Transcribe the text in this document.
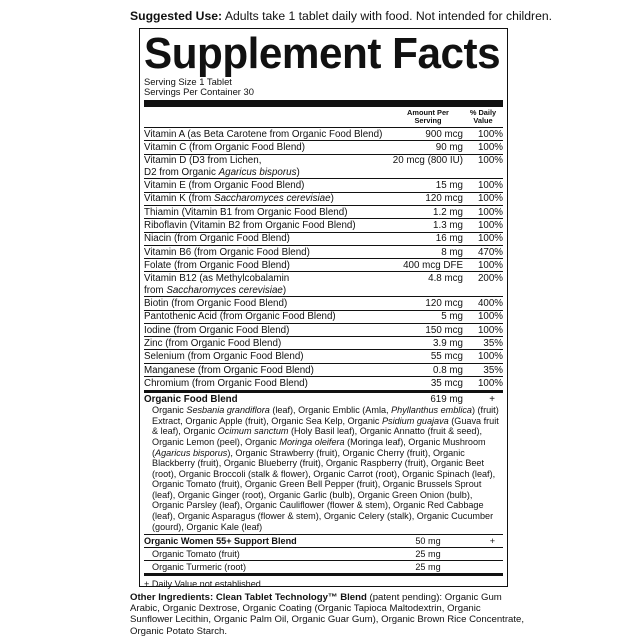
Suggested Use: Adults take 1 tablet daily with food. Not intended for children.
Supplement Facts
Serving Size 1 Tablet
Servings Per Container 30
Amount Per Serving
% Daily Value
Vitamin A (as Beta Carotene from Organic Food Blend)	900 mcg	100%
Vitamin C (from Organic Food Blend)	90 mg	100%
Vitamin D (D3 from Lichen,
D2 from Organic Agaricus bisporus)
20 mcg (800 IU)	100%
Vitamin E (from Organic Food Blend)	15 mg	100%
Vitamin K (from Saccharomyces cerevisiae)	120 mcg	100%
Thiamin (Vitamin B1 from Organic Food Blend)	1.2 mg	100%
Riboflavin (Vitamin B2 from Organic Food Blend)	1.3 mg	100%
Niacin (from Organic Food Blend)	16 mg	100%
Vitamin B6 (from Organic Food Blend)	8 mg	470%
Folate (from Organic Food Blend)	400 mcg DFE	100%
Vitamin B12 (as Methylcobalamin
from Saccharomyces cerevisiae)
4.8 mcg	200%
Biotin (from Organic Food Blend)	120 mcg	400%
Pantothenic Acid (from Organic Food Blend)	5 mg	100%
Iodine (from Organic Food Blend)	150 mcg	100%
Zinc (from Organic Food Blend)	3.9 mg	35%
Selenium (from Organic Food Blend)	55 mcg	100%
Manganese (from Organic Food Blend)	0.8 mg	35%
Chromium (from Organic Food Blend)	35 mcg	100%
Organic Food Blend	619 mg	+
Organic Sesbania grandiflora (leaf), Organic Emblic (Amla, Phyllanthus emblica) (fruit) Extract, Organic Apple (fruit), Organic Sea Kelp, Organic Psidium guajava (Guava fruit & leaf), Organic Ocimum sanctum (Holy Basil leaf), Organic Annatto (fruit & seed), Organic Lemon (peel), Organic Moringa oleifera (Moringa leaf), Organic Mushroom (Agaricus bisporus), Organic Strawberry (fruit), Organic Cherry (fruit), Organic Blackberry (fruit), Organic Blueberry (fruit), Organic Raspberry (fruit), Organic Beet (root), Organic Broccoli (stalk & flower), Organic Carrot (root), Organic Spinach (leaf), Organic Tomato (fruit), Organic Green Bell Pepper (fruit), Organic Brussels Sprout (leaf), Organic Ginger (root), Organic Garlic (bulb), Organic Green Onion (bulb), Organic Parsley (leaf), Organic Cauliflower (flower & stem), Organic Red Cabbage (leaf), Organic Asparagus (flower & stem), Organic Celery (stalk), Organic Cucumber (gourd), Organic Kale (leaf)
Organic Women 55+ Support Blend	50 mg	+
Organic Tomato (fruit)	25 mg
Organic Turmeric (root)	25 mg
+ Daily Value not established.
Other Ingredients: Clean Tablet Technology™ Blend (patent pending): Organic Gum Arabic, Organic Dextrose, Organic Coating (Organic Tapioca Maltodextrin, Organic Sunflower Lecithin, Organic Palm Oil, Organic Guar Gum), Organic Brown Rice Concentrate, Organic Potato Starch.
